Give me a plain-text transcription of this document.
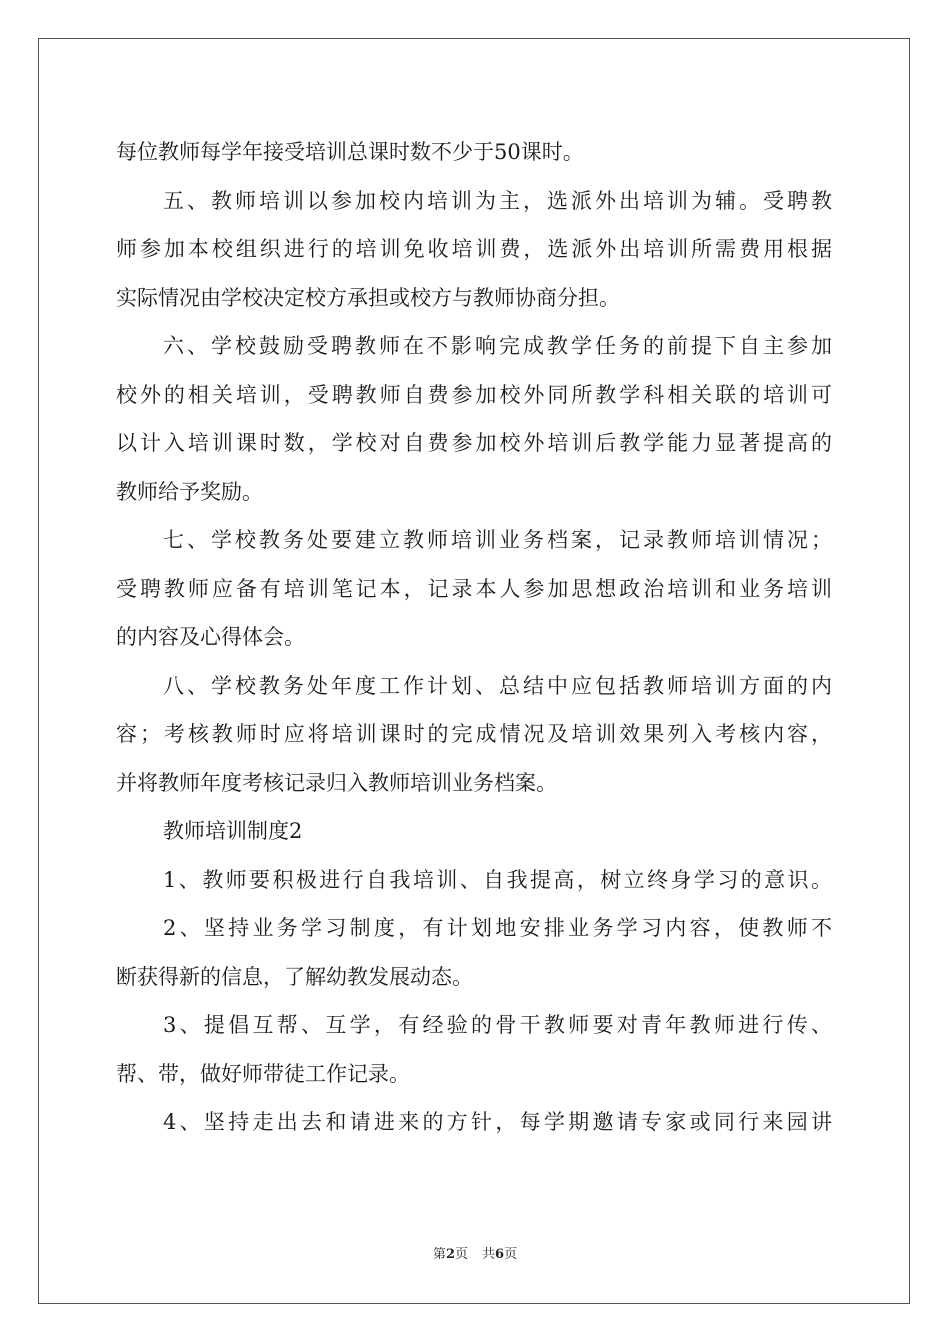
每位教师每学年接受培训总课时数不少于50课时。
五、教师培训以参加校内培训为主，选派外出培训为辅。受聘教
师参加本校组织进行的培训免收培训费，选派外出培训所需费用根据
实际情况由学校决定校方承担或校方与教师协商分担。
六、学校鼓励受聘教师在不影响完成教学任务的前提下自主参加
校外的相关培训，受聘教师自费参加校外同所教学科相关联的培训可
以计入培训课时数，学校对自费参加校外培训后教学能力显著提高的
教师给予奖励。
七、学校教务处要建立教师培训业务档案，记录教师培训情况；
受聘教师应备有培训笔记本，记录本人参加思想政治培训和业务培训
的内容及心得体会。
八、学校教务处年度工作计划、总结中应包括教师培训方面的内
容；考核教师时应将培训课时的完成情况及培训效果列入考核内容，
并将教师年度考核记录归入教师培训业务档案。
教师培训制度2
1、教师要积极进行自我培训、自我提高，树立终身学习的意识。
2、坚持业务学习制度，有计划地安排业务学习内容，使教师不
断获得新的信息，了解幼教发展动态。
3、提倡互帮、互学，有经验的骨干教师要对青年教师进行传、
帮、带，做好师带徒工作记录。
4、坚持走出去和请进来的方针，每学期邀请专家或同行来园讲
第2页 共6页
